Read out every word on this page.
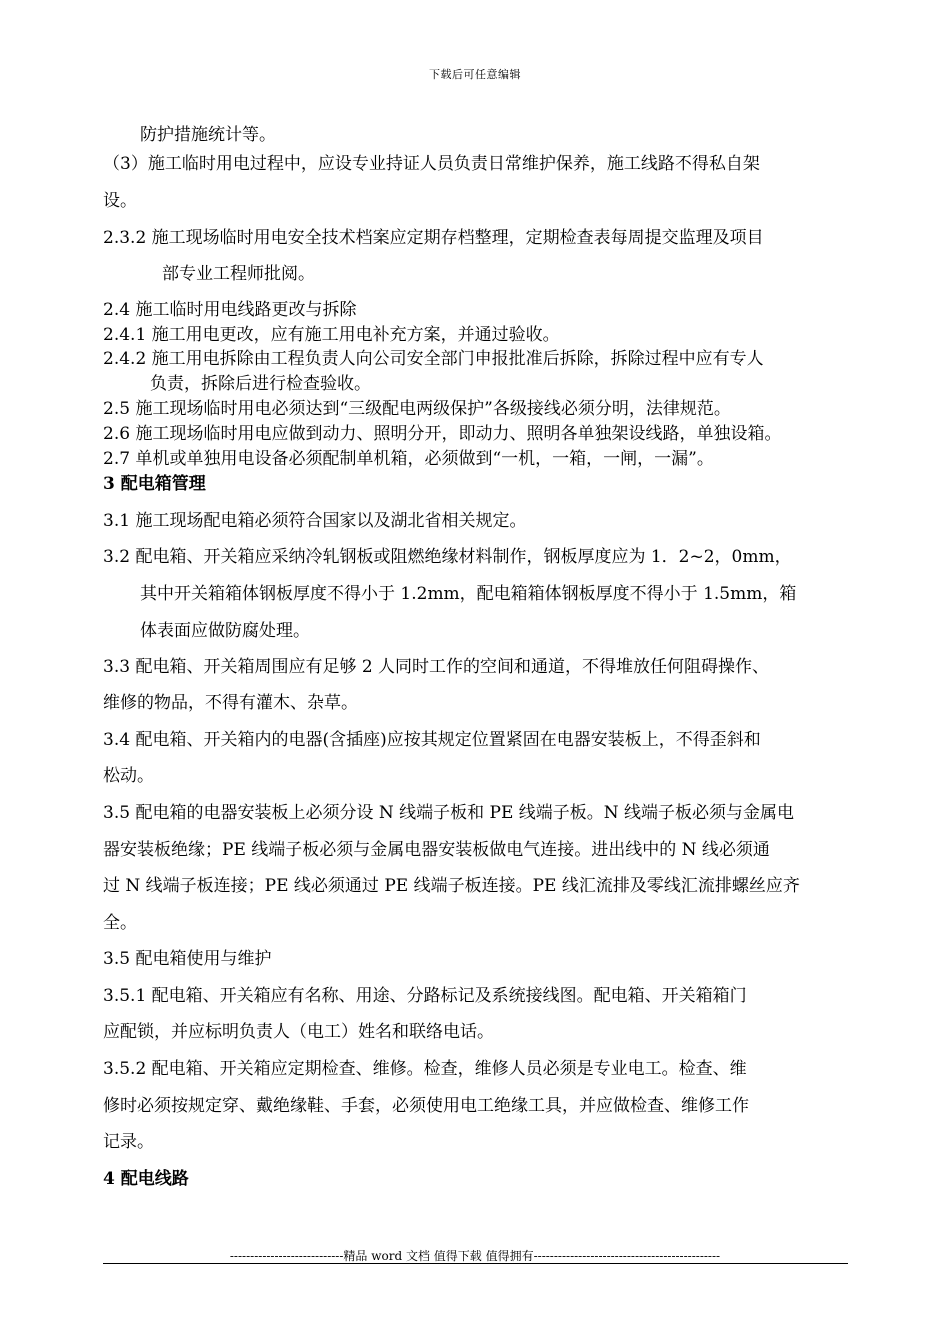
下载后可任意编辑
防护措施统计等。
（3）施工临时用电过程中，应设专业持证人员负责日常维护保养，施工线路不得私自架
设。
2.3.2 施工现场临时用电安全技术档案应定期存档整理，定期检查表每周提交监理及项目
部专业工程师批阅。
2.4 施工临时用电线路更改与拆除
2.4.1 施工用电更改，应有施工用电补充方案，并通过验收。
2.4.2 施工用电拆除由工程负责人向公司安全部门申报批准后拆除，拆除过程中应有专人
负责，拆除后进行检查验收。
2.5 施工现场临时用电必须达到“三级配电两级保护”各级接线必须分明，法律规范。
2.6 施工现场临时用电应做到动力、照明分开，即动力、照明各单独架设线路，单独设箱。
2.7 单机或单独用电设备必须配制单机箱，必须做到“一机，一箱，一闸，一漏”。
3 配电箱管理
3.1 施工现场配电箱必须符合国家以及湖北省相关规定。
3.2 配电箱、开关箱应采纳冷轧钢板或阻燃绝缘材料制作，钢板厚度应为 1．2~2，0mm，
其中开关箱箱体钢板厚度不得小于 1.2mm，配电箱箱体钢板厚度不得小于 1.5mm，箱
体表面应做防腐处理。
3.3 配电箱、开关箱周围应有足够 2 人同时工作的空间和通道，不得堆放任何阻碍操作、
维修的物品，不得有灌木、杂草。
3.4 配电箱、开关箱内的电器(含插座)应按其规定位置紧固在电器安装板上，不得歪斜和
松动。
3.5 配电箱的电器安装板上必须分设 N 线端子板和 PE 线端子板。N 线端子板必须与金属电
器安装板绝缘；PE 线端子板必须与金属电器安装板做电气连接。进出线中的 N 线必须通
过 N 线端子板连接；PE 线必须通过 PE 线端子板连接。PE 线汇流排及零线汇流排螺丝应齐
全。
3.5 配电箱使用与维护
3.5.1 配电箱、开关箱应有名称、用途、分路标记及系统接线图。配电箱、开关箱箱门
应配锁，并应标明负责人（电工）姓名和联络电话。
3.5.2 配电箱、开关箱应定期检查、维修。检查，维修人员必须是专业电工。检查、维
修时必须按规定穿、戴绝缘鞋、手套，必须使用电工绝缘工具，并应做检查、维修工作
记录。
4 配电线路
----------------------------精品 word 文档 值得下载 值得拥有----------------------------------------------
